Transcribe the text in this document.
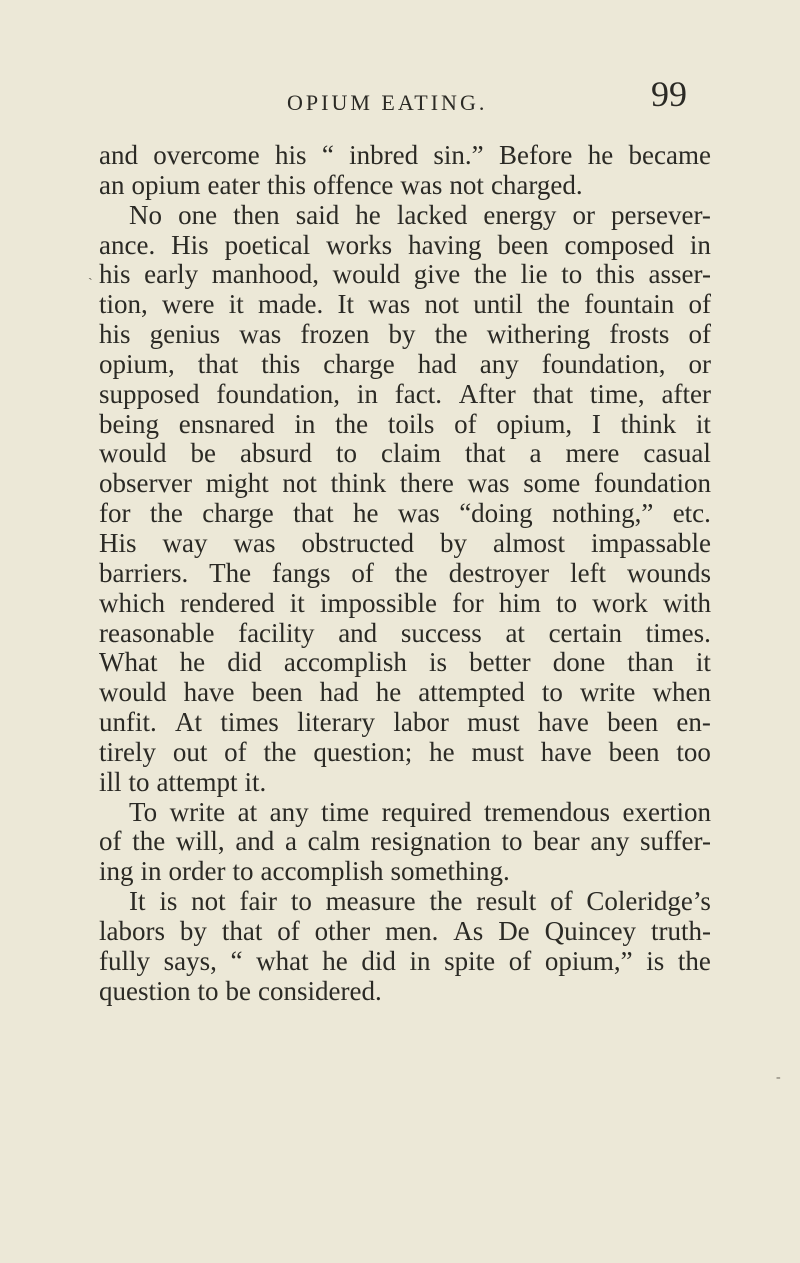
OPIUM EATING.	99
and overcome his “ inbred sin.” Before he became
an opium eater this offence was not charged.
No one then said he lacked energy or persever-
ance. His poetical works having been composed in
his early manhood, would give the lie to this asser-
tion, were it made. It was not until the fountain of
his genius was frozen by the withering frosts of
opium, that this charge had any foundation, or
supposed foundation, in fact. After that time, after
being ensnared in the toils of opium, I think it
would be absurd to claim that a mere casual
observer might not think there was some foundation
for the charge that he was “doing nothing,” etc.
His way was obstructed by almost impassable
barriers. The fangs of the destroyer left wounds
which rendered it impossible for him to work with
reasonable facility and success at certain times.
What he did accomplish is better done than it
would have been had he attempted to write when
unfit. At times literary labor must have been en-
tirely out of the question; he must have been too
ill to attempt it.
To write at any time required tremendous exertion
of the will, and a calm resignation to bear any suffer-
ing in order to accomplish something.
It is not fair to measure the result of Coleridge’s
labors by that of other men. As De Quincey truth-
fully says, “ what he did in spite of opium,” is the
question to be considered.
ˎ
-
